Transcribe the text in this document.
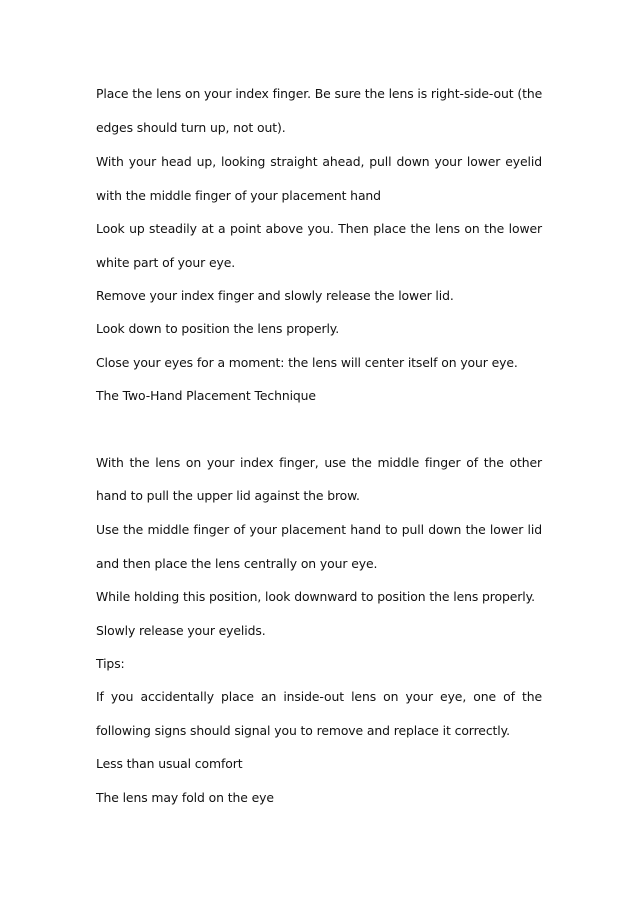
Place the lens on your index finger. Be sure the lens is right-side-out (the
edges should turn up, not out).
With your head up, looking straight ahead, pull down your lower eyelid
with the middle finger of your placement hand
Look up steadily at a point above you. Then place the lens on the lower
white part of your eye.
Remove your index finger and slowly release the lower lid.
Look down to position the lens properly.
Close your eyes for a moment: the lens will center itself on your eye.
The Two-Hand Placement Technique
With the lens on your index finger, use the middle finger of the other
hand to pull the upper lid against the brow.
Use the middle finger of your placement hand to pull down the lower lid
and then place the lens centrally on your eye.
While holding this position, look downward to position the lens properly.
Slowly release your eyelids.
Tips:
If you accidentally place an inside-out lens on your eye, one of the
following signs should signal you to remove and replace it correctly.
Less than usual comfort
The lens may fold on the eye
